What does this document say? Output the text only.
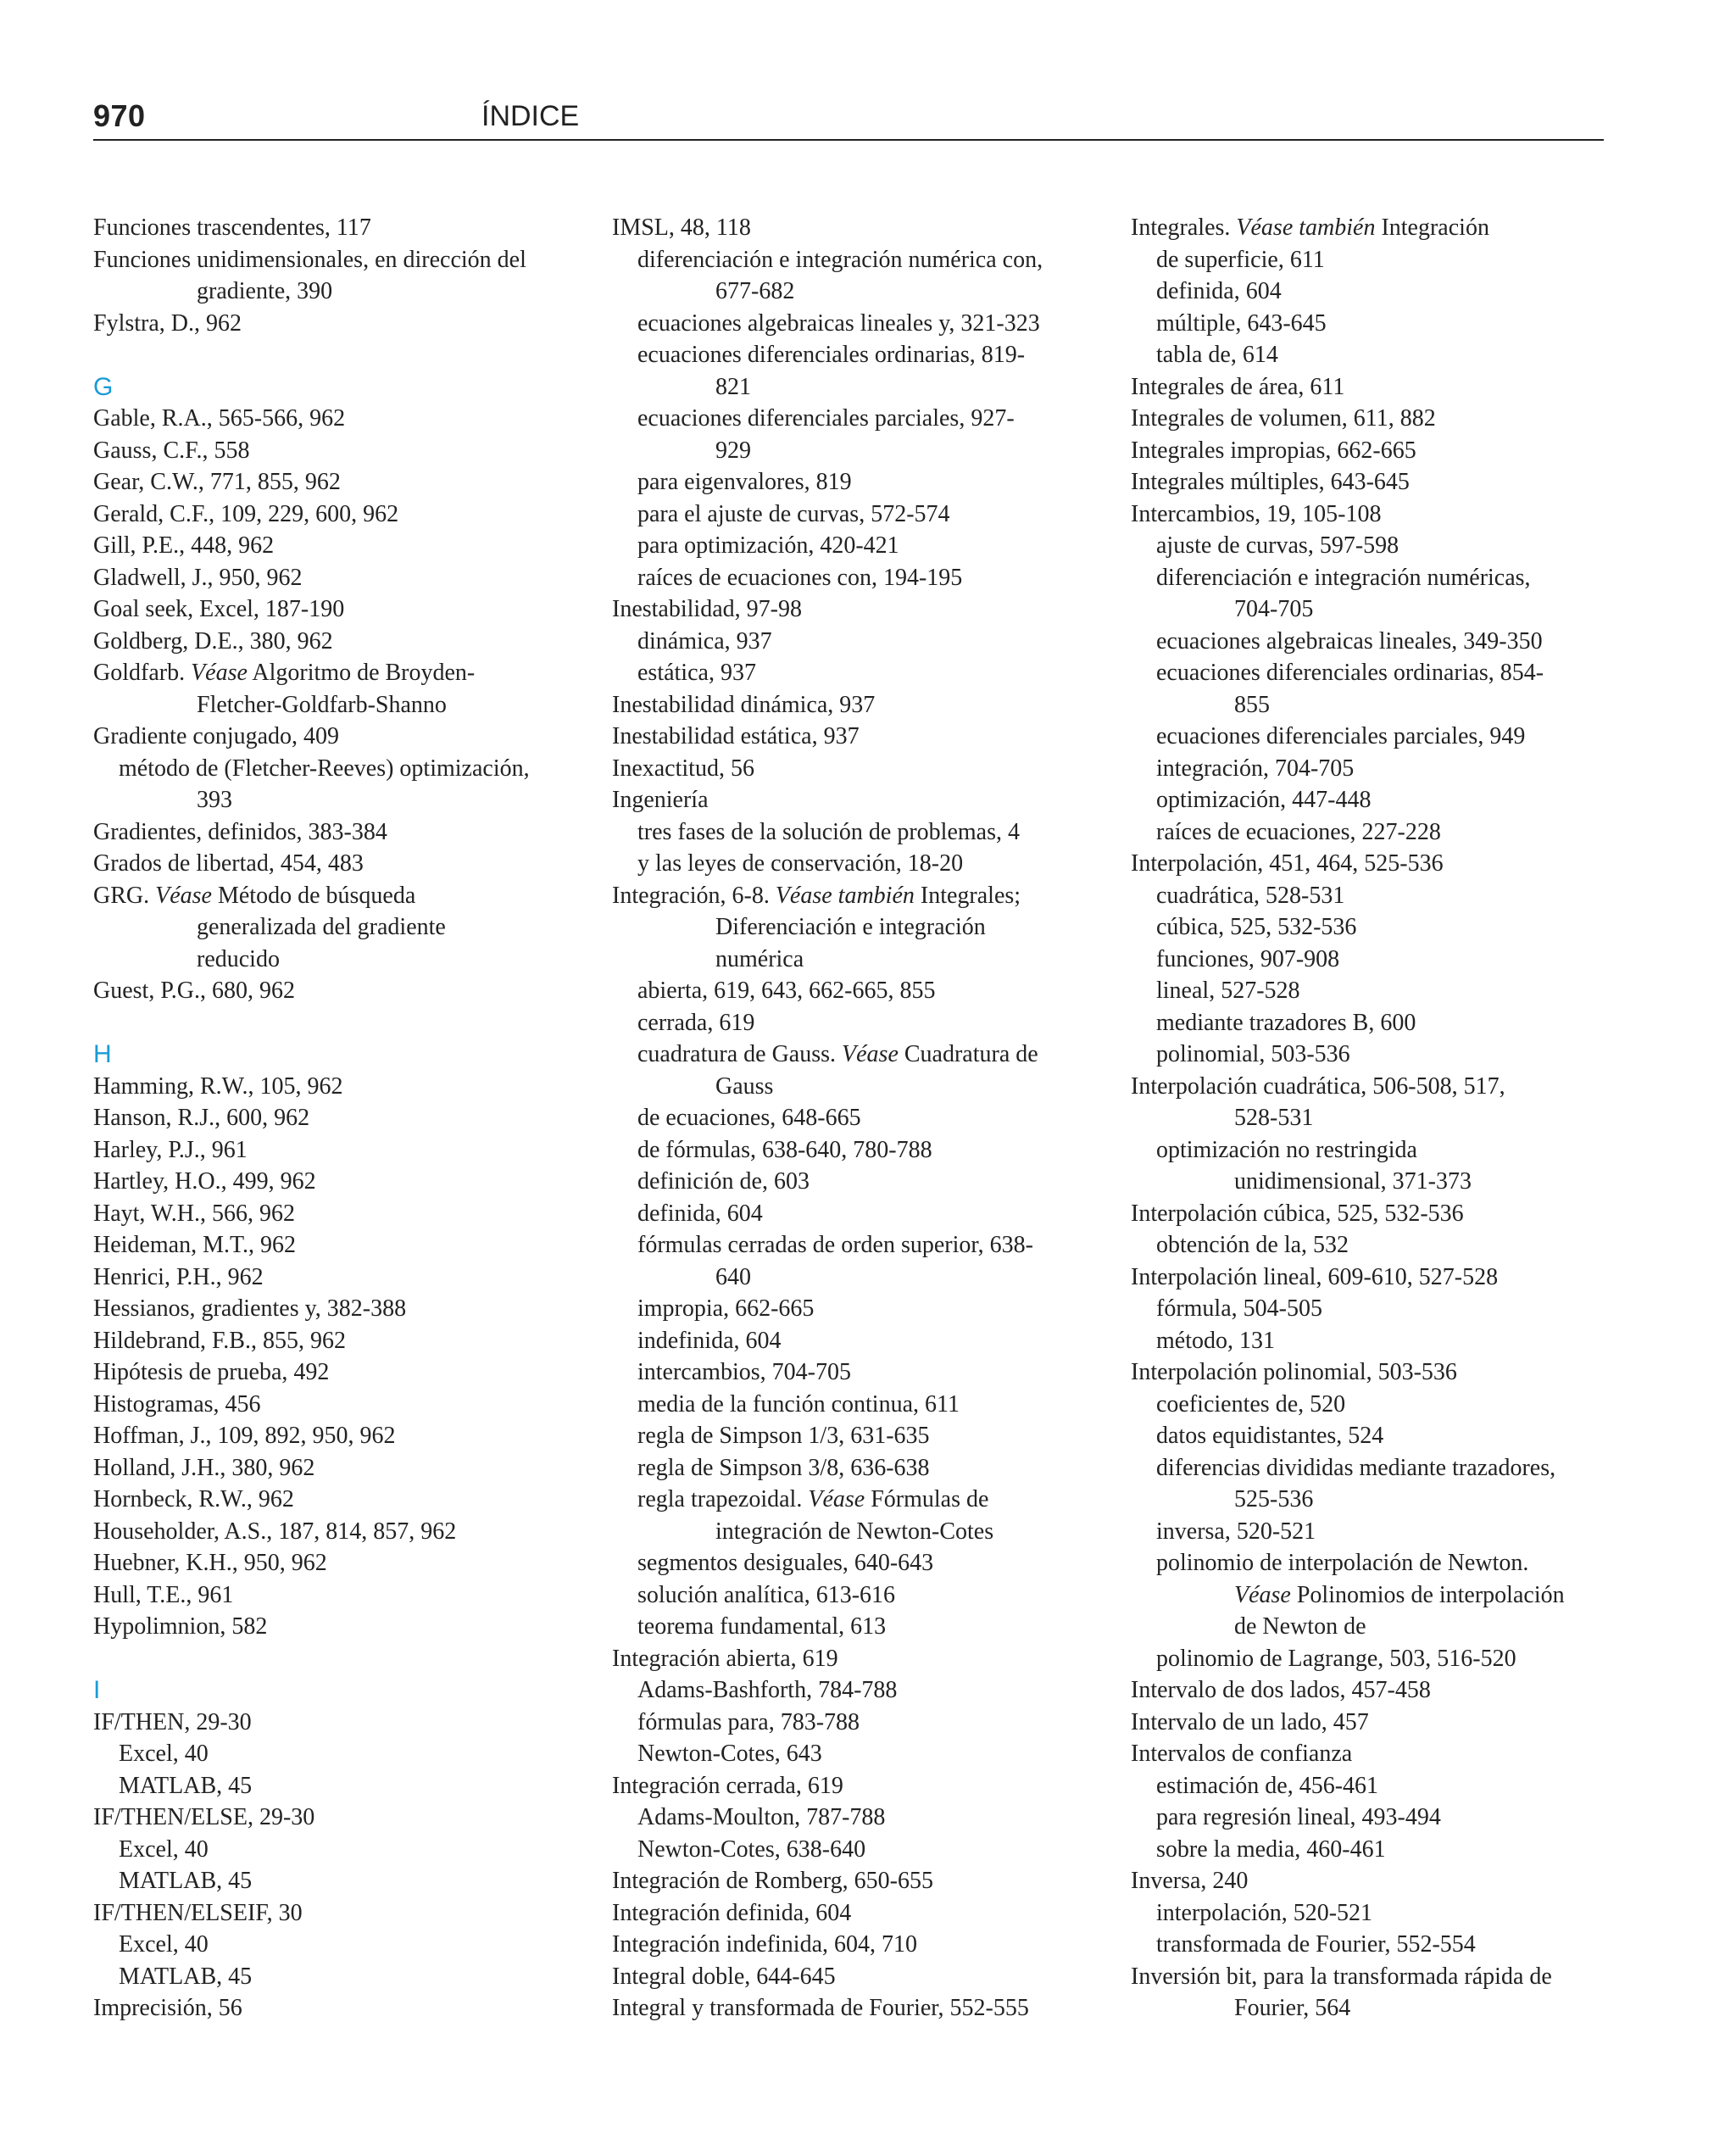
970	ÍNDICE
Funciones trascendentes, 117
Funciones unidimensionales, en dirección del
gradiente, 390
Fylstra, D., 962
G
Gable, R.A., 565-566, 962
Gauss, C.F., 558
Gear, C.W., 771, 855, 962
Gerald, C.F., 109, 229, 600, 962
Gill, P.E., 448, 962
Gladwell, J., 950, 962
Goal seek, Excel, 187-190
Goldberg, D.E., 380, 962
Goldfarb. Véase Algoritmo de Broyden-
Fletcher-Goldfarb-Shanno
Gradiente conjugado, 409
método de (Fletcher-Reeves) optimización,
393
Gradientes, definidos, 383-384
Grados de libertad, 454, 483
GRG. Véase Método de búsqueda
generalizada del gradiente
reducido
Guest, P.G., 680, 962
H
Hamming, R.W., 105, 962
Hanson, R.J., 600, 962
Harley, P.J., 961
Hartley, H.O., 499, 962
Hayt, W.H., 566, 962
Heideman, M.T., 962
Henrici, P.H., 962
Hessianos, gradientes y, 382-388
Hildebrand, F.B., 855, 962
Hipótesis de prueba, 492
Histogramas, 456
Hoffman, J., 109, 892, 950, 962
Holland, J.H., 380, 962
Hornbeck, R.W., 962
Householder, A.S., 187, 814, 857, 962
Huebner, K.H., 950, 962
Hull, T.E., 961
Hypolimnion, 582
I
IF/THEN, 29-30
Excel, 40
MATLAB, 45
IF/THEN/ELSE, 29-30
Excel, 40
MATLAB, 45
IF/THEN/ELSEIF, 30
Excel, 40
MATLAB, 45
Imprecisión, 56
IMSL, 48, 118
diferenciación e integración numérica con,
677-682
ecuaciones algebraicas lineales y, 321-323
ecuaciones diferenciales ordinarias, 819-
821
ecuaciones diferenciales parciales, 927-
929
para eigenvalores, 819
para el ajuste de curvas, 572-574
para optimización, 420-421
raíces de ecuaciones con, 194-195
Inestabilidad, 97-98
dinámica, 937
estática, 937
Inestabilidad dinámica, 937
Inestabilidad estática, 937
Inexactitud, 56
Ingeniería
tres fases de la solución de problemas, 4
y las leyes de conservación, 18-20
Integración, 6-8. Véase también Integrales;
Diferenciación e integración
numérica
abierta, 619, 643, 662-665, 855
cerrada, 619
cuadratura de Gauss. Véase Cuadratura de
Gauss
de ecuaciones, 648-665
de fórmulas, 638-640, 780-788
definición de, 603
definida, 604
fórmulas cerradas de orden superior, 638-
640
impropia, 662-665
indefinida, 604
intercambios, 704-705
media de la función continua, 611
regla de Simpson 1/3, 631-635
regla de Simpson 3/8, 636-638
regla trapezoidal. Véase Fórmulas de
integración de Newton-Cotes
segmentos desiguales, 640-643
solución analítica, 613-616
teorema fundamental, 613
Integración abierta, 619
Adams-Bashforth, 784-788
fórmulas para, 783-788
Newton-Cotes, 643
Integración cerrada, 619
Adams-Moulton, 787-788
Newton-Cotes, 638-640
Integración de Romberg, 650-655
Integración definida, 604
Integración indefinida, 604, 710
Integral doble, 644-645
Integral y transformada de Fourier, 552-555
Integrales. Véase también Integración
de superficie, 611
definida, 604
múltiple, 643-645
tabla de, 614
Integrales de área, 611
Integrales de volumen, 611, 882
Integrales impropias, 662-665
Integrales múltiples, 643-645
Intercambios, 19, 105-108
ajuste de curvas, 597-598
diferenciación e integración numéricas,
704-705
ecuaciones algebraicas lineales, 349-350
ecuaciones diferenciales ordinarias, 854-
855
ecuaciones diferenciales parciales, 949
integración, 704-705
optimización, 447-448
raíces de ecuaciones, 227-228
Interpolación, 451, 464, 525-536
cuadrática, 528-531
cúbica, 525, 532-536
funciones, 907-908
lineal, 527-528
mediante trazadores B, 600
polinomial, 503-536
Interpolación cuadrática, 506-508, 517,
528-531
optimización no restringida
unidimensional, 371-373
Interpolación cúbica, 525, 532-536
obtención de la, 532
Interpolación lineal, 609-610, 527-528
fórmula, 504-505
método, 131
Interpolación polinomial, 503-536
coeficientes de, 520
datos equidistantes, 524
diferencias divididas mediante trazadores,
525-536
inversa, 520-521
polinomio de interpolación de Newton.
Véase Polinomios de interpolación
de Newton de
polinomio de Lagrange, 503, 516-520
Intervalo de dos lados, 457-458
Intervalo de un lado, 457
Intervalos de confianza
estimación de, 456-461
para regresión lineal, 493-494
sobre la media, 460-461
Inversa, 240
interpolación, 520-521
transformada de Fourier, 552-554
Inversión bit, para la transformada rápida de
Fourier, 564
